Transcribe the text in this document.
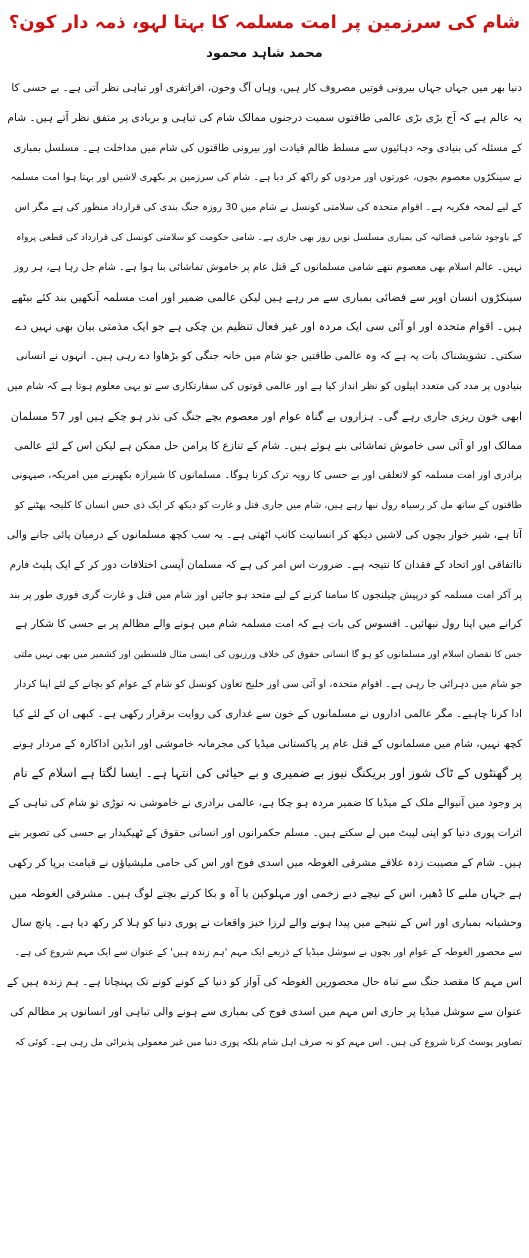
شام کی سرزمین پر امت مسلمہ کا بہتا لہو، ذمہ دار کون؟
محمد شاہد محمود
دنیا بھر میں جہاں جہاں بیرونی قوتیں مصروف کار ہیں، وہاں آگ وخون، افراتفری اور تباہی نظر آتی ہے۔ بے حسی کا
یہ عالم ہے کہ آج بڑی بڑی عالمی طاقتوں سمیت درجنوں ممالک شام کی تباہی و بربادی پر متفق نظر آتے ہیں۔ شام
کے مسئلہ کی بنیادی وجہ دہائیوں سے مسلط ظالم قیادت اور بیرونی طاقتوں کی شام میں مداخلت ہے۔ مسلسل بمباری
نے سینکڑوں معصوم بچوں، عورتوں اور مردوں کو راکھ کر دیا ہے۔ شام کی سرزمین پر بکھری لاشیں اور بہتا ہوا امت مسلمہ
کے لیے لمحہ فکریہ ہے۔ اقوام متحدہ کی سلامتی کونسل نے شام میں 30 روزہ جنگ بندی کی قرارداد منظور کی ہے مگر اس
کے باوجود شامی فضائیہ کی بمباری مسلسل نویں روز بھی جاری ہے۔ شامی حکومت کو سلامتی کونسل کی قرارداد کی قطعی پرواہ
نہیں۔ عالم اسلام بھی معصوم ننھے شامی مسلمانوں کے قتل عام پر خاموش تماشائی بنا ہوا ہے۔ شام جل رہا ہے، ہر روز
سینکڑوں انسان اوپر سے فضائی بمباری سے مر رہے ہیں لیکن عالمی ضمیر اور امت مسلمہ آنکھیں بند کئے بیٹھے
ہیں۔ اقوام متحدہ اور او آئی سی ایک مردہ اور غیر فعال تنظیم بن چکی ہے جو ایک مذمتی بیان بھی نہیں دے
سکتی۔ تشویشناک بات یہ ہے کہ وہ عالمی طاقتیں جو شام میں خانہ جنگی کو بڑھاوا دے رہی ہیں۔ انہوں نے انسانی
بنیادوں پر مدد کی متعدد اپیلوں کو نظر انداز کیا ہے اور عالمی قوتوں کی سفارتکاری سے تو یہی معلوم ہوتا ہے کہ شام میں
ابھی خون ریزی جاری رہے گی۔ ہزاروں بے گناہ عوام اور معصوم بچے جنگ کی نذر ہو چکے ہیں اور 57 مسلمان
ممالک اور او آئی سی خاموش تماشائی بنے ہوئے ہیں۔ شام کے تنازع کا پرامن حل ممکن ہے لیکن اس کے لئے عالمی
برادری اور امت مسلمہ کو لاتعلقی اور بے حسی کا رویہ ترک کرنا ہوگا۔ مسلمانوں کا شیرازہ بکھیرنے میں امریکہ، صیہونی
طاقتوں کے ساتھ مل کر رسیاہ رول نبھا رہے ہیں، شام میں جاری قتل و غارت کو دیکھ کر ایک ذی حس انسان کا کلیجہ پھٹنے کو
آتا ہے، شیر خوار بچوں کی لاشیں دیکھ کر انسانیت کانپ اٹھتی ہے۔ یہ سب کچھ مسلمانوں کے درمیان پائی جانے والی
نااتفاقی اور اتحاد کے فقدان کا نتیجہ ہے۔ ضرورت اس امر کی ہے کہ مسلمان آپسی اختلافات دور کر کے ایک پلیٹ فارم
پر آکر امت مسلمہ کو درپیش چیلنجوں کا سامنا کرنے کے لیے متحد ہو جائیں اور شام میں قتل و غارت گری فوری طور پر بند
کرانے میں اپنا رول نبھائیں۔ افسوس کی بات ہے کہ امت مسلمہ شام میں ہونے والے مظالم پر بے حسی کا شکار ہے
جس کا نقصان اسلام اور مسلمانوں کو ہو گا انسانی حقوق کی خلاف ورزیوں کی ایسی مثال فلسطین اور کشمیر میں بھی نہیں ملتی
جو شام میں دہرائی جا رہی ہے۔ اقوام متحدہ، او آئی سی اور خلیج تعاون کونسل کو شام کے عوام کو بچانے کے لئے اپنا کردار
ادا کرنا چاہیے۔ مگر عالمی اداروں نے مسلمانوں کے خون سے غداری کی روایت برقرار رکھی ہے۔ کبھی ان کے لئے کیا
کچھ نہیں، شام میں مسلمانوں کے قتل عام پر پاکستانی میڈیا کی مجرمانہ خاموشی اور انڈین اداکارہ کے مردار ہونے
پر گھنٹوں کے ٹاک شوز اور بریکنگ نیوز بے ضمیری و بے حیائی کی انتہا ہے۔ ایسا لگتا ہے اسلام کے نام
پر وجود میں آنیوالے ملک کے میڈیا کا ضمیر مردہ ہو چکا ہے، عالمی برادری نے خاموشی نہ توڑی تو شام کی تباہی کے
اثرات پوری دنیا کو اپنی لپیٹ میں لے سکتے ہیں۔ مسلم حکمرانوں اور انسانی حقوق کے ٹھیکیدار بے حسی کی تصویر بنے
ہیں۔ شام کے مصیبت زدہ علاقے مشرقی الغوطہ میں اسدی فوج اور اس کی حامی ملیشیاؤں نے قیامت برپا کر رکھی
ہے جہاں ملبے کا ڈھیر، اس کے نیچے دبے زخمی اور مہلوکین یا آہ و بکا کرتے بچتے لوگ ہیں۔ مشرقی الغوطہ میں
وحشیانہ بمباری اور اس کے نتیجے میں پیدا ہونے والے لرزا خیز واقعات نے پوری دنیا کو ہلا کر رکھ دیا ہے۔ پانچ سال
سے محصور الغوطہ کے عوام اور بچوں نے سوشل میڈیا کے ذریعے ایک مہم 'ہم زندہ ہیں' کے عنوان سے ایک مہم شروع کی ہے۔
اس مہم کا مقصد جنگ سے تباہ حال محصورین الغوطہ کی آواز کو دنیا کے کونے کونے تک پہنچانا ہے۔ ہم زندہ ہیں کے
عنوان سے سوشل میڈیا پر جاری اس مہم میں اسدی فوج کی بمباری سے ہونے والی تباہی اور انسانوں پر مظالم کی
تصاویر پوسٹ کرنا شروع کی ہیں۔ اس مہم کو نہ صرف اہل شام بلکہ پوری دنیا میں غیر معمولی پذیرائی مل رہی ہے۔ کوئی کہ
